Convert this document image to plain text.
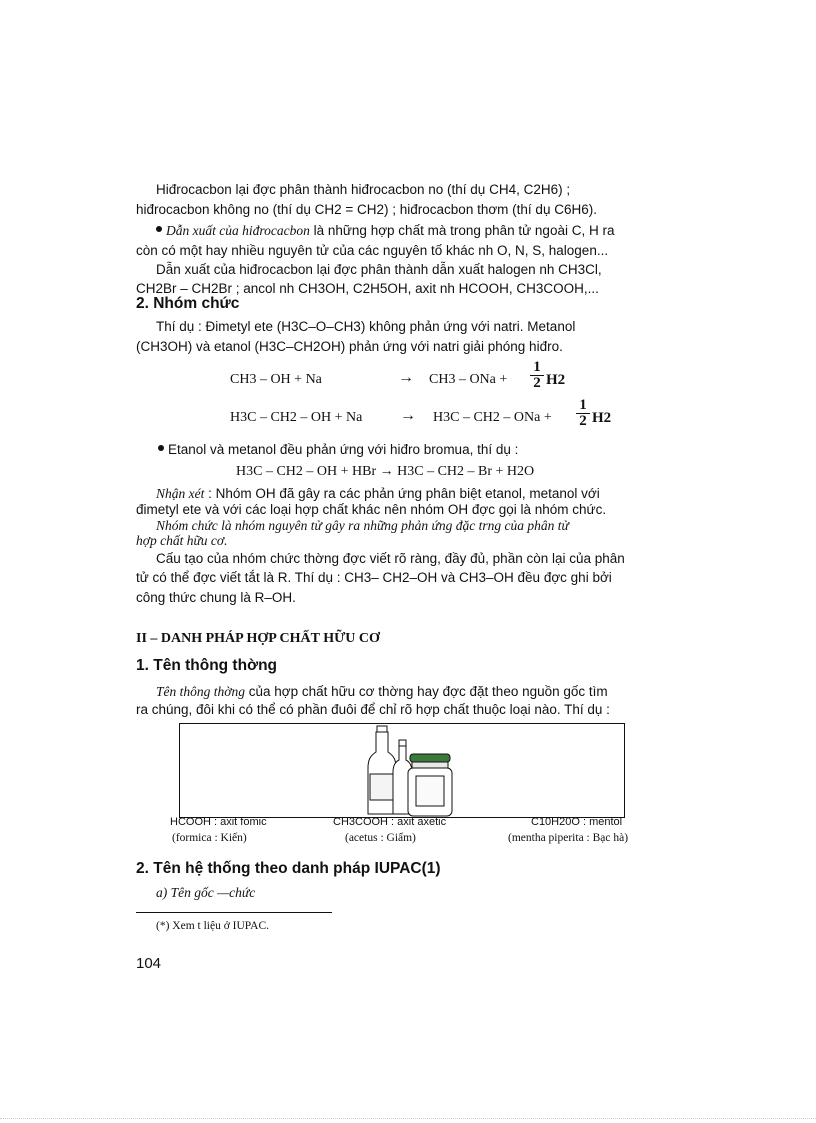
Hiđrocacbon lại đợc phân thành hiđrocacbon no (thí dụ CH4, C2H6) ;
hiđrocacbon không no (thí dụ CH2 = CH2) ; hiđrocacbon thơm (thí dụ C6H6).
Dẫn xuất của hiđrocacbon là những hợp chất mà trong phân tử ngoài C, H ra
còn có một hay nhiều nguyên tử của các nguyên tố khác nh O, N, S, halogen...
Dẫn xuất của hiđrocacbon lại đợc phân thành dẫn xuất halogen nh CH3Cl,
CH2Br – CH2Br ; ancol nh CH3OH, C2H5OH, axit nh HCOOH, CH3COOH,...
2. Nhóm chức
Thí dụ : Đimetyl ete (H3C–O–CH3) không phản ứng với natri. Metanol
(CH3OH) và etanol (H3C–CH2OH) phản ứng với natri giải phóng hiđro.
CH3 – OH + Na	→ CH3 – ONa + $\frac{1}{2} H2$
H3C – CH2 – OH + Na → H3C – CH2 – ONa + $\frac{1}{2} H2$
Etanol và metanol đều phản ứng với hiđro bromua, thí dụ :
H3C – CH2 – OH + HBr → H3C – CH2 – Br + H2O
Nhận xét : Nhóm OH đã gây ra các phản ứng phân biệt etanol, metanol với
đimetyl ete và với các loại hợp chất khác nên nhóm OH đợc gọi là nhóm chức.
Nhóm chức là nhóm nguyên tử gây ra những phản ứng đặc trng của phân tử
hợp chất hữu cơ.
Cấu tạo của nhóm chức thờng đợc viết rõ ràng, đầy đủ, phần còn lại của phân
tử có thể đợc viết tắt là R. Thí dụ : CH3– CH2–OH và CH3–OH đều đợc ghi bởi
công thức chung là R–OH.
II – DANH PHÁP HỢP CHẤT HỮU CƠ
1. Tên thông thờng
Tên thông thờng của hợp chất hữu cơ thờng hay đợc đặt theo nguồn gốc tìm
ra chúng, đôi khi có thể có phần đuôi để chỉ rõ hợp chất thuộc loại nào. Thí dụ :
HCOOH : axit fomic
(formica : Kiến)
CH3COOH : axit axetic
(acetus : Giấm)
C10H20O : mentol
(mentha piperita : Bạc hà)
2. Tên hệ thống theo danh pháp IUPAC(1)
a) Tên gốc —chức
(*) Xem t liệu ở IUPAC.
104
